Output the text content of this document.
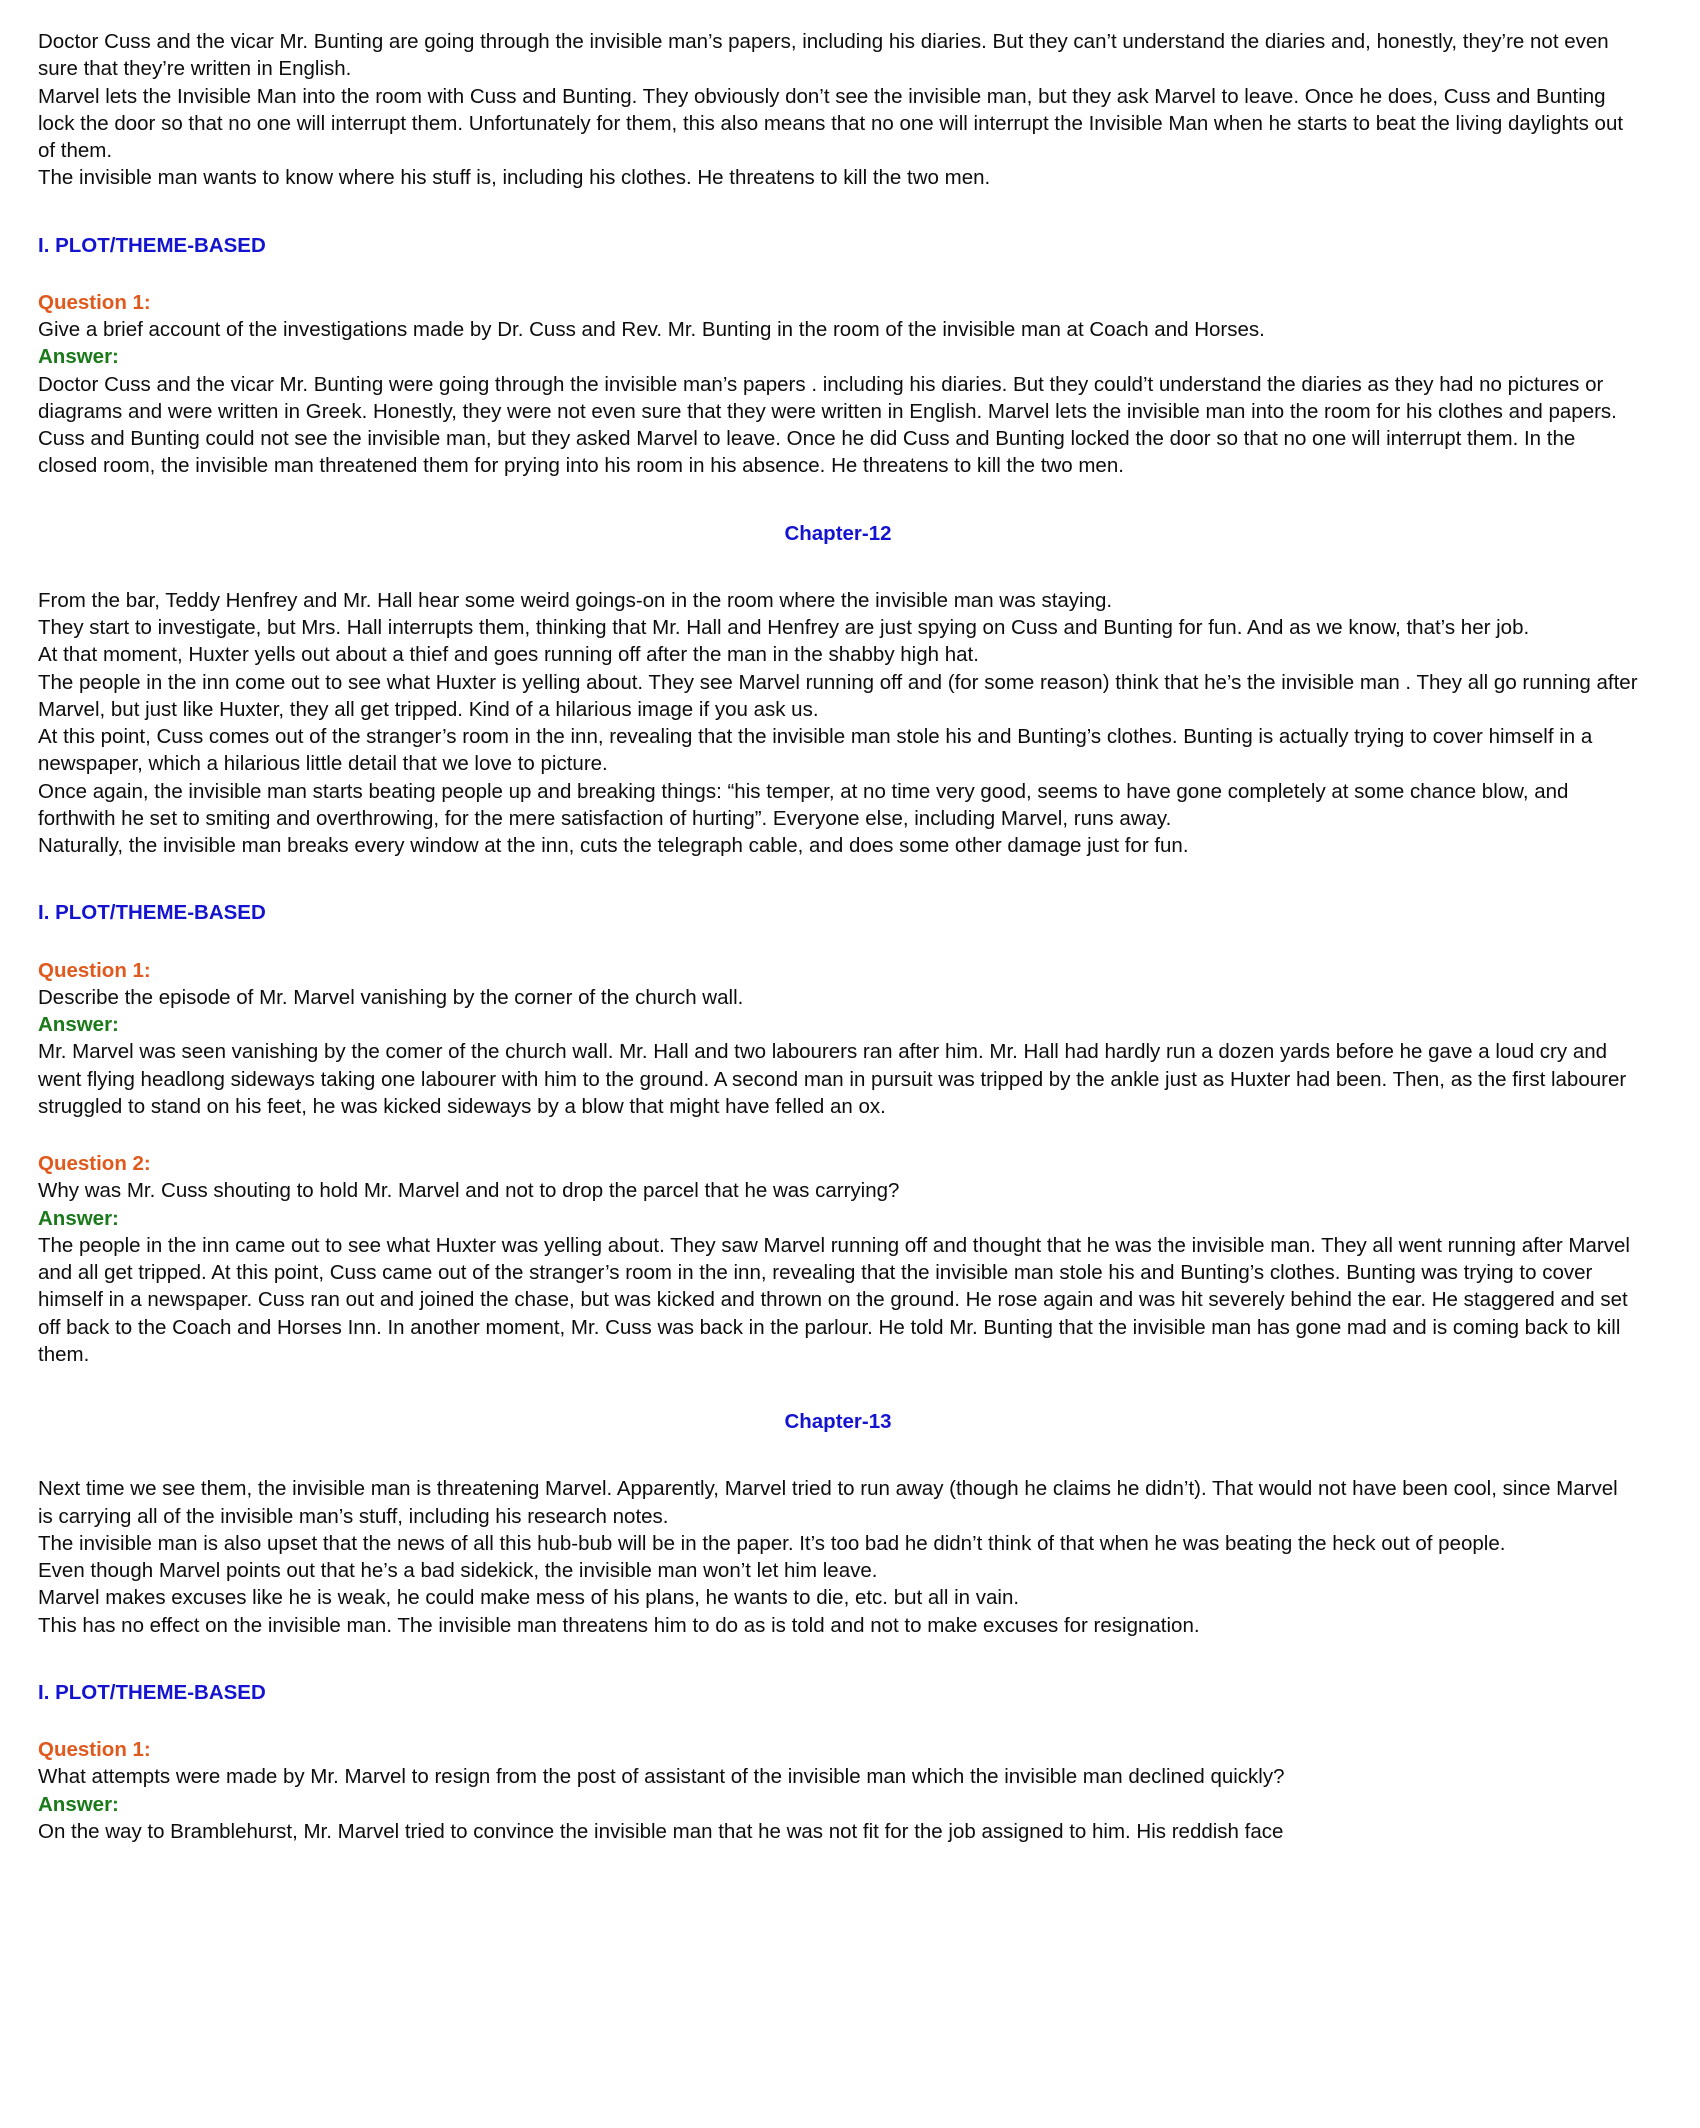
Doctor Cuss and the vicar Mr. Bunting are going through the invisible man’s papers, including his diaries. But they can’t understand the diaries and, honestly, they’re not even sure that they’re written in English.

Marvel lets the Invisible Man into the room with Cuss and Bunting. They obviously don’t see the invisible man, but they ask Marvel to leave. Once he does, Cuss and Bunting lock the door so that no one will interrupt them. Unfortunately for them, this also means that no one will interrupt the Invisible Man when he starts to beat the living daylights out of them.

The invisible man wants to know where his stuff is, including his clothes. He threatens to kill the two men.

I. PLOT/THEME-BASED

Question 1:

Give a brief account of the investigations made by Dr. Cuss and Rev. Mr. Bunting in the room of the invisible man at Coach and Horses.

Answer:

Doctor Cuss and the vicar Mr. Bunting were going through the invisible man’s papers . including his diaries. But they could’t understand the diaries as they had no pictures or diagrams and were written in Greek. Honestly, they were not even sure that they were written in English. Marvel lets the invisible man into the room for his clothes and papers. Cuss and Bunting could not see the invisible man, but they asked Marvel to leave. Once he did Cuss and Bunting locked the door so that no one will interrupt them. In the closed room, the invisible man threatened them for prying into his room in his absence. He threatens to kill the two men.

Chapter-12

From the bar, Teddy Henfrey and Mr. Hall hear some weird goings-on in the room where the invisible man was staying.

They start to investigate, but Mrs. Hall interrupts them, thinking that Mr. Hall and Henfrey are just spying on Cuss and Bunting for fun. And as we know, that’s her job.

At that moment, Huxter yells out about a thief and goes running off after the man in the shabby high hat.

The people in the inn come out to see what Huxter is yelling about. They see Marvel running off and (for some reason) think that he’s the invisible man . They all go running after Marvel, but just like Huxter, they all get tripped. Kind of a hilarious image if you ask us.

At this point, Cuss comes out of the stranger’s room in the inn, revealing that the invisible man stole his and Bunting’s clothes. Bunting is actually trying to cover himself in a newspaper, which a hilarious little detail that we love to picture.

Once again, the invisible man starts beating people up and breaking things: “his temper, at no time very good, seems to have gone completely at some chance blow, and forthwith he set to smiting and overthrowing, for the mere satisfaction of hurting”. Everyone else, including Marvel, runs away.

Naturally, the invisible man breaks every window at the inn, cuts the telegraph cable, and does some other damage just for fun.

I. PLOT/THEME-BASED

Question 1:

Describe the episode of Mr. Marvel vanishing by the corner of the church wall.

Answer:

Mr. Marvel was seen vanishing by the comer of the church wall. Mr. Hall and two labourers ran after him. Mr. Hall had hardly run a dozen yards before he gave a loud cry and went flying headlong sideways taking one labourer with him to the ground. A second man in pursuit was tripped by the ankle just as Huxter had been. Then, as the first labourer struggled to stand on his feet, he was kicked sideways by a blow that might have felled an ox.

Question 2:

Why was Mr. Cuss shouting to hold Mr. Marvel and not to drop the parcel that he was carrying?

Answer:

The people in the inn came out to see what Huxter was yelling about. They saw Marvel running off and thought that he was the invisible man. They all went running after Marvel and all get tripped. At this point, Cuss came out of the stranger’s room in the inn, revealing that the invisible man stole his and Bunting’s clothes. Bunting was trying to cover himself in a newspaper. Cuss ran out and joined the chase, but was kicked and thrown on the ground. He rose again and was hit severely behind the ear. He staggered and set off back to the Coach and Horses Inn. In another moment, Mr. Cuss was back in the parlour. He told Mr. Bunting that the invisible man has gone mad and is coming back to kill them.

Chapter-13

Next time we see them, the invisible man is threatening Marvel. Apparently, Marvel tried to run away (though he claims he didn’t). That would not have been cool, since Marvel is carrying all of the invisible man’s stuff, including his research notes.

The invisible man is also upset that the news of all this hub-bub will be in the paper. It’s too bad he didn’t think of that when he was beating the heck out of people.

Even though Marvel points out that he’s a bad sidekick, the invisible man won’t let him leave.

Marvel makes excuses like he is weak, he could make mess of his plans, he wants to die, etc. but all in vain.

This has no effect on the invisible man. The invisible man threatens him to do as is told and not to make excuses for resignation.

I. PLOT/THEME-BASED

Question 1:

What attempts were made by Mr. Marvel to resign from the post of assistant of the invisible man which the invisible man declined quickly?

Answer:

On the way to Bramblehurst, Mr. Marvel tried to convince the invisible man that he was not fit for the job assigned to him. His reddish face
